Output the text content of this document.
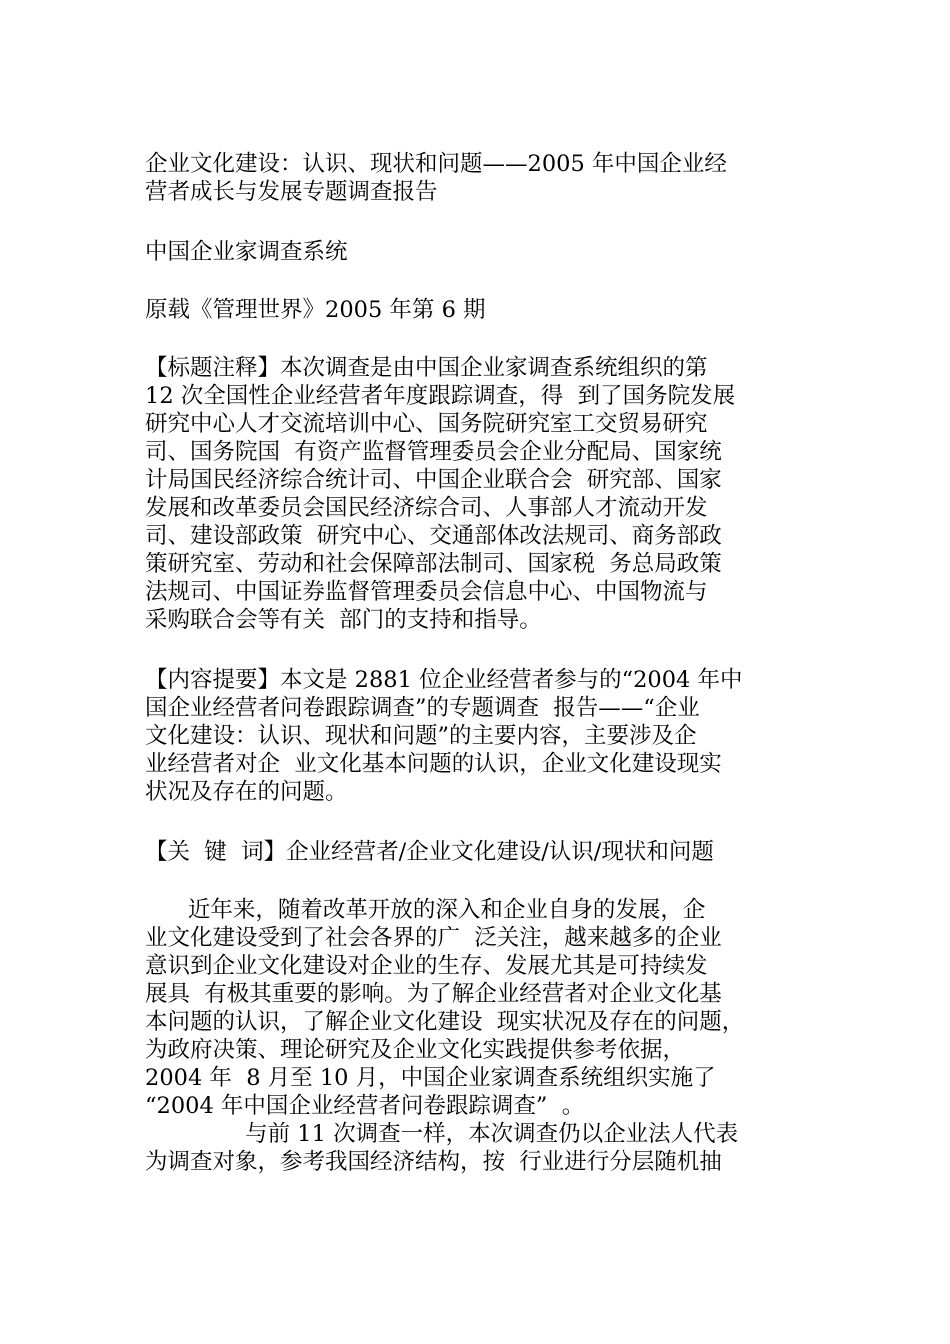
企业文化建设：认识、现状和问题——2005 年中国企业经
营者成长与发展专题调查报告
中国企业家调查系统
原载《管理世界》2005 年第 6 期
【标题注释】本次调查是由中国企业家调查系统组织的第
12 次全国性企业经营者年度跟踪调查，得  到了国务院发展
研究中心人才交流培训中心、国务院研究室工交贸易研究
司、国务院国  有资产监督管理委员会企业分配局、国家统
计局国民经济综合统计司、中国企业联合会  研究部、国家
发展和改革委员会国民经济综合司、人事部人才流动开发
司、建设部政策  研究中心、交通部体改法规司、商务部政
策研究室、劳动和社会保障部法制司、国家税  务总局政策
法规司、中国证券监督管理委员会信息中心、中国物流与
采购联合会等有关  部门的支持和指导。
【内容提要】本文是 2881 位企业经营者参与的“2004 年中
国企业经营者问卷跟踪调查”的专题调查  报告——“企业
文化建设：认识、现状和问题”的主要内容，主要涉及企
业经营者对企  业文化基本问题的认识，企业文化建设现实
状况及存在的问题。
【关  键  词】企业经营者/企业文化建设/认识/现状和问题
近年来，随着改革开放的深入和企业自身的发展，企
业文化建设受到了社会各界的广  泛关注，越来越多的企业
意识到企业文化建设对企业的生存、发展尤其是可持续发
展具  有极其重要的影响。为了解企业经营者对企业文化基
本问题的认识，了解企业文化建设  现实状况及存在的问题，
为政府决策、理论研究及企业文化实践提供参考依据，
2004 年  8 月至 10 月，中国企业家调查系统组织实施了
“2004 年中国企业经营者问卷跟踪调查”  。
与前 11 次调查一样，本次调查仍以企业法人代表
为调查对象，参考我国经济结构，按  行业进行分层随机抽
